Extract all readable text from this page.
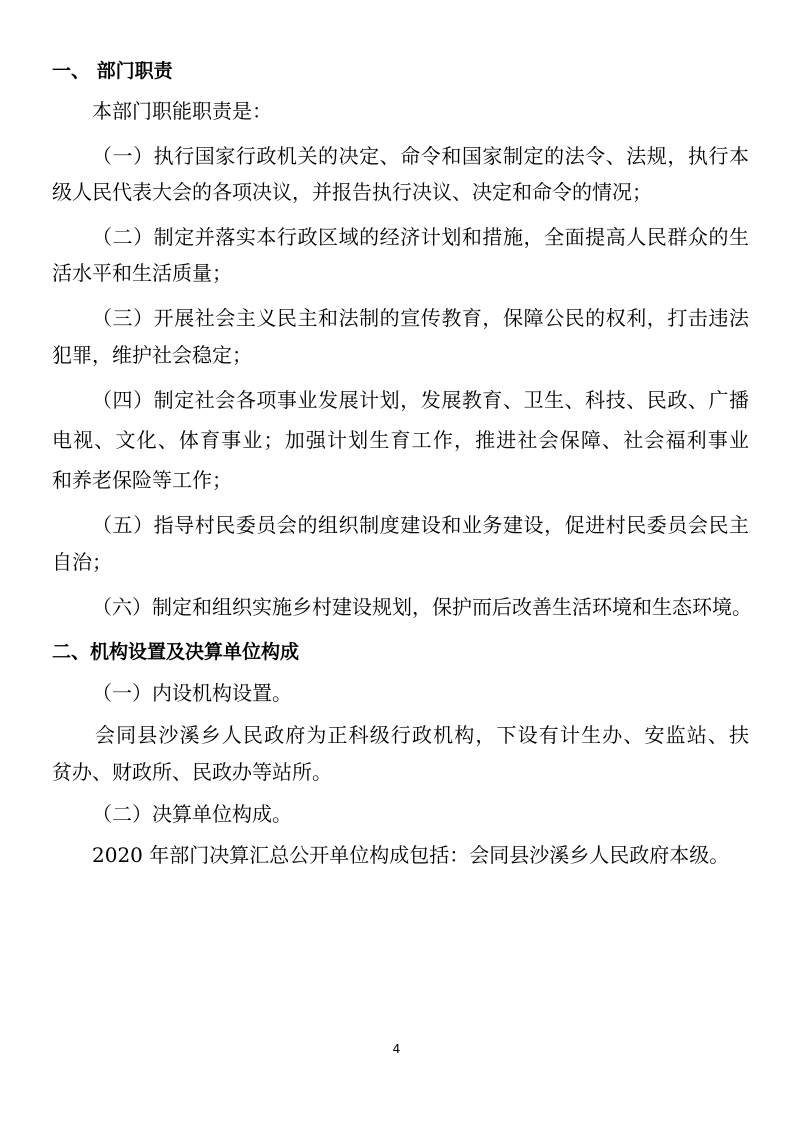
一、 部门职责
本部门职能职责是：
（一）执行国家行政机关的决定、命令和国家制定的法令、法规，执行本
级人民代表大会的各项决议，并报告执行决议、决定和命令的情况；
（二）制定并落实本行政区域的经济计划和措施，全面提高人民群众的生
活水平和生活质量；
（三）开展社会主义民主和法制的宣传教育，保障公民的权利，打击违法
犯罪，维护社会稳定；
（四）制定社会各项事业发展计划，发展教育、卫生、科技、民政、广播
电视、文化、体育事业；加强计划生育工作，推进社会保障、社会福利事业
和养老保险等工作；
（五）指导村民委员会的组织制度建设和业务建设，促进村民委员会民主
自治；
（六）制定和组织实施乡村建设规划，保护而后改善生活环境和生态环境。
二、机构设置及决算单位构成
（一）内设机构设置。
会同县沙溪乡人民政府为正科级行政机构，下设有计生办、安监站、扶
贫办、财政所、民政办等站所。
（二）决算单位构成。
2020 年部门决算汇总公开单位构成包括：会同县沙溪乡人民政府本级。
4
